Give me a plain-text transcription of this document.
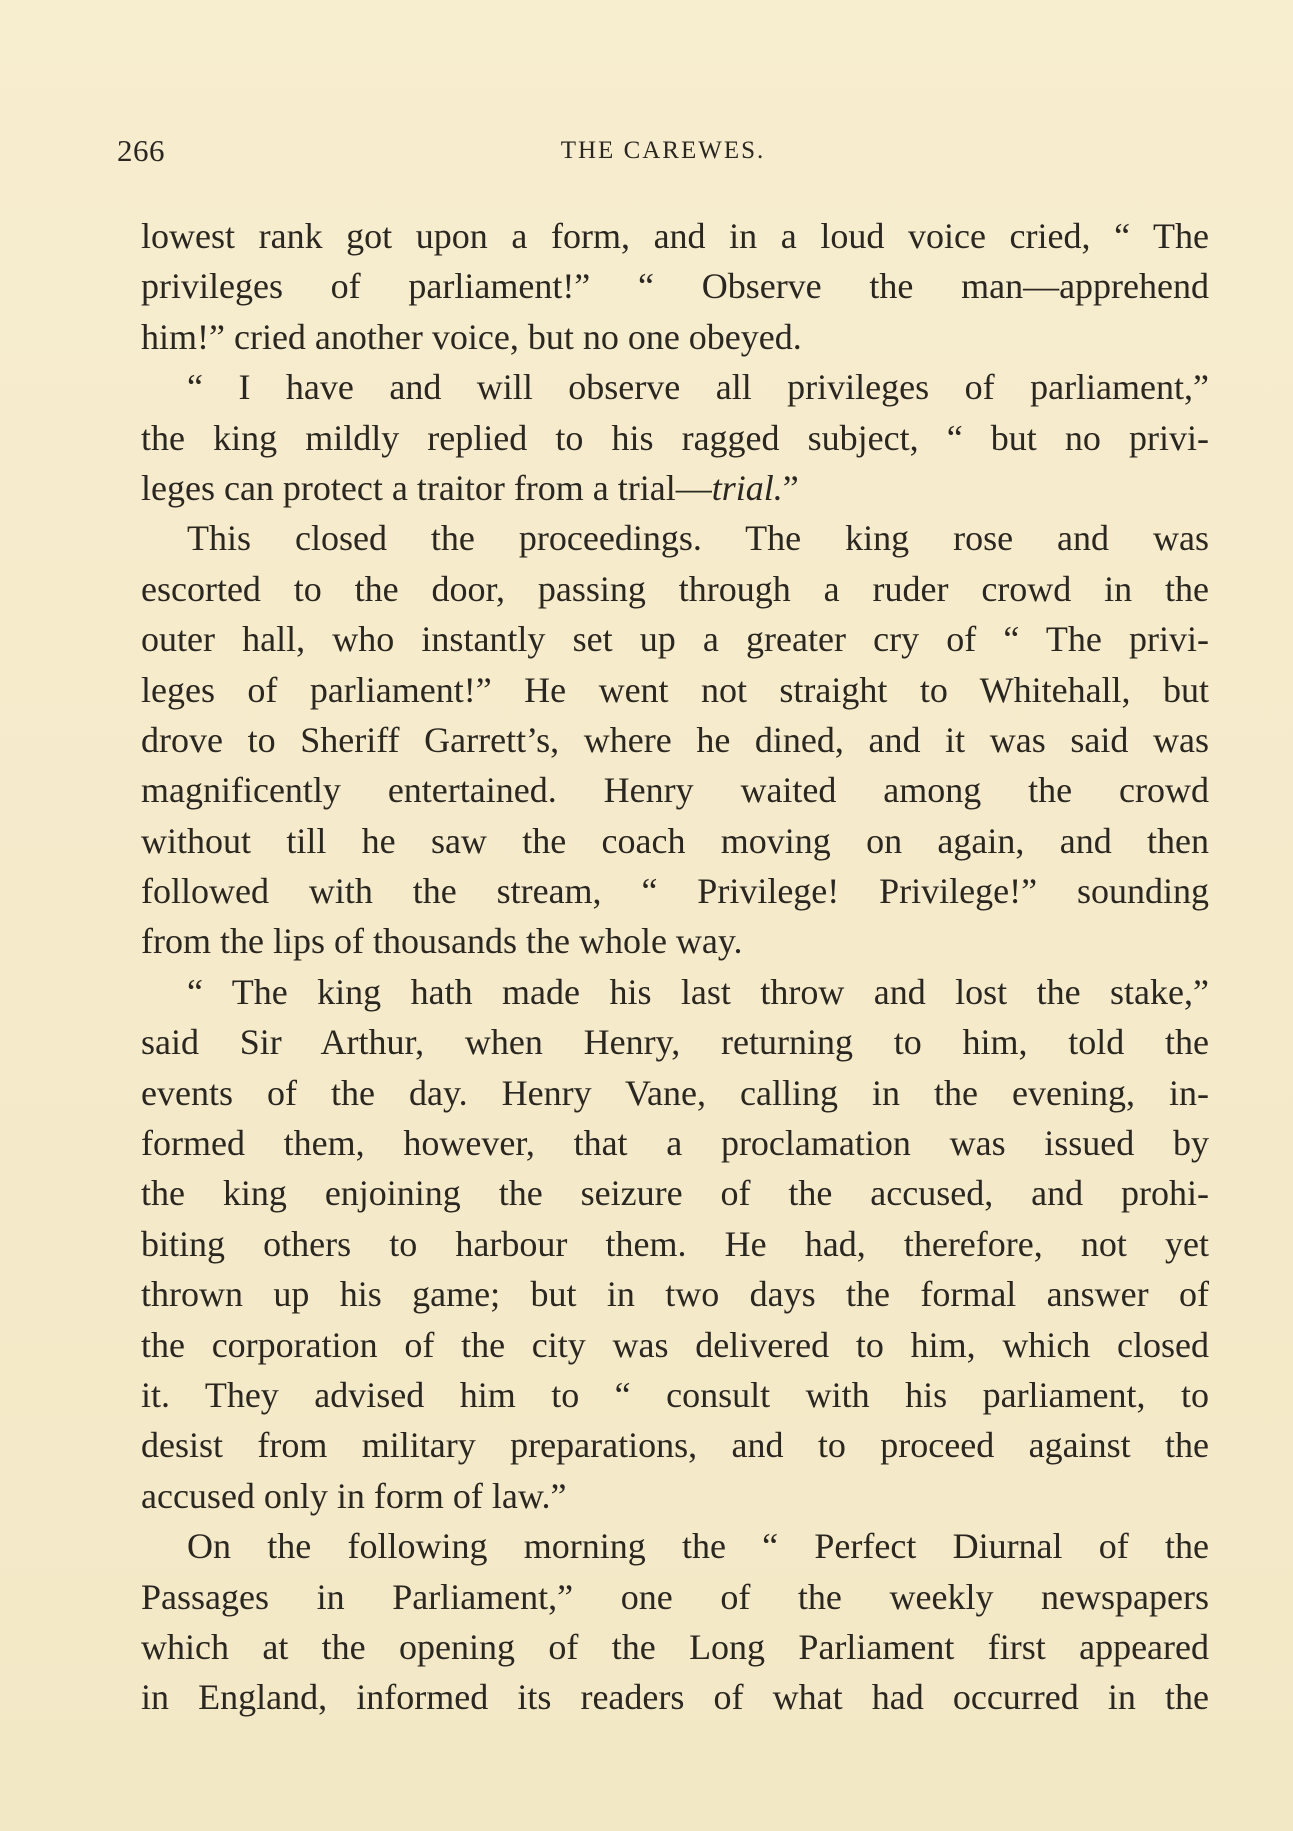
266	THE CAREWES.
lowest rank got upon a form, and in a loud voice cried, “ The
privileges of parliament!” “ Observe the man—apprehend
him!” cried another voice, but no one obeyed.
“ I have and will observe all privileges of parliament,”
the king mildly replied to his ragged subject, “ but no privi-
leges can protect a traitor from a trial—trial.”
This closed the proceedings. The king rose and was
escorted to the door, passing through a ruder crowd in the
outer hall, who instantly set up a greater cry of “ The privi-
leges of parliament!” He went not straight to Whitehall, but
drove to Sheriff Garrett’s, where he dined, and it was said was
magnificently entertained. Henry waited among the crowd
without till he saw the coach moving on again, and then
followed with the stream, “ Privilege! Privilege!” sounding
from the lips of thousands the whole way.
“ The king hath made his last throw and lost the stake,”
said Sir Arthur, when Henry, returning to him, told the
events of the day. Henry Vane, calling in the evening, in-
formed them, however, that a proclamation was issued by
the king enjoining the seizure of the accused, and prohi-
biting others to harbour them. He had, therefore, not yet
thrown up his game; but in two days the formal answer of
the corporation of the city was delivered to him, which closed
it. They advised him to “ consult with his parliament, to
desist from military preparations, and to proceed against the
accused only in form of law.”
On the following morning the “ Perfect Diurnal of the
Passages in Parliament,” one of the weekly newspapers
which at the opening of the Long Parliament first appeared
in England, informed its readers of what had occurred in the
